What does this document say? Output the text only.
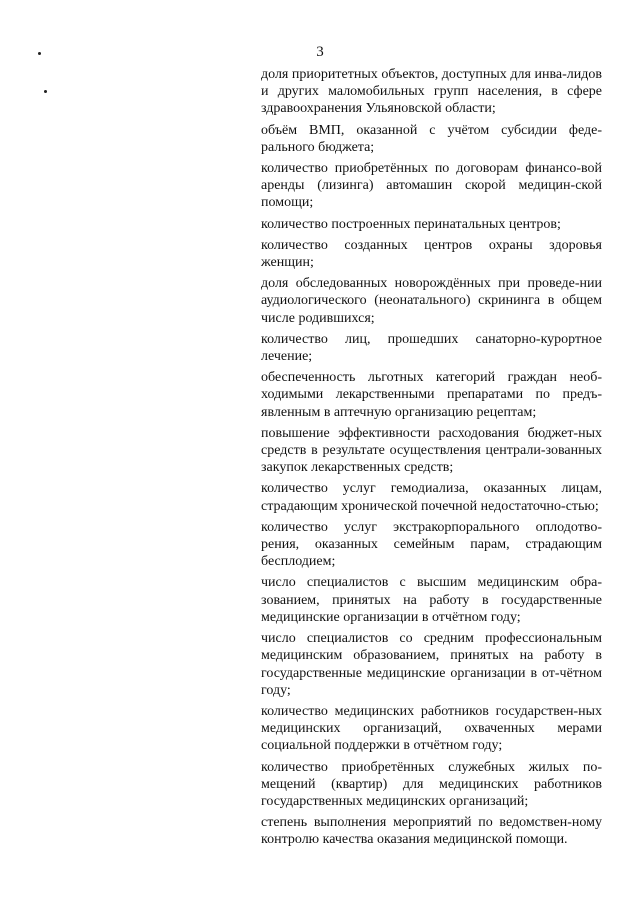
3
доля приоритетных объектов, доступных для инва-лидов и других маломобильных групп населения, в сфере здравоохранения Ульяновской области;
объём ВМП, оказанной с учётом субсидии феде-рального бюджета;
количество приобретённых по договорам финансо-вой аренды (лизинга) автомашин скорой медицин-ской помощи;
количество построенных перинатальных центров;
количество созданных центров охраны здоровья женщин;
доля обследованных новорождённых при проведе-нии аудиологического (неонатального) скрининга в общем числе родившихся;
количество лиц, прошедших санаторно-курортное лечение;
обеспеченность льготных категорий граждан необ-ходимыми лекарственными препаратами по предъ-явленным в аптечную организацию рецептам;
повышение эффективности расходования бюджет-ных средств в результате осуществления централи-зованных закупок лекарственных средств;
количество услуг гемодиализа, оказанных лицам, страдающим хронической почечной недостаточно-стью;
количество услуг экстракорпорального оплодотво-рения, оказанных семейным парам, страдающим бесплодием;
число специалистов с высшим медицинским обра-зованием, принятых на работу в государственные медицинские организации в отчётном году;
число специалистов со средним профессиональным медицинским образованием, принятых на работу в государственные медицинские организации в от-чётном году;
количество медицинских работников государствен-ных медицинских организаций, охваченных мерами социальной поддержки в отчётном году;
количество приобретённых служебных жилых по-мещений (квартир) для медицинских работников государственных медицинских организаций;
степень выполнения мероприятий по ведомствен-ному контролю качества оказания медицинской помощи.
